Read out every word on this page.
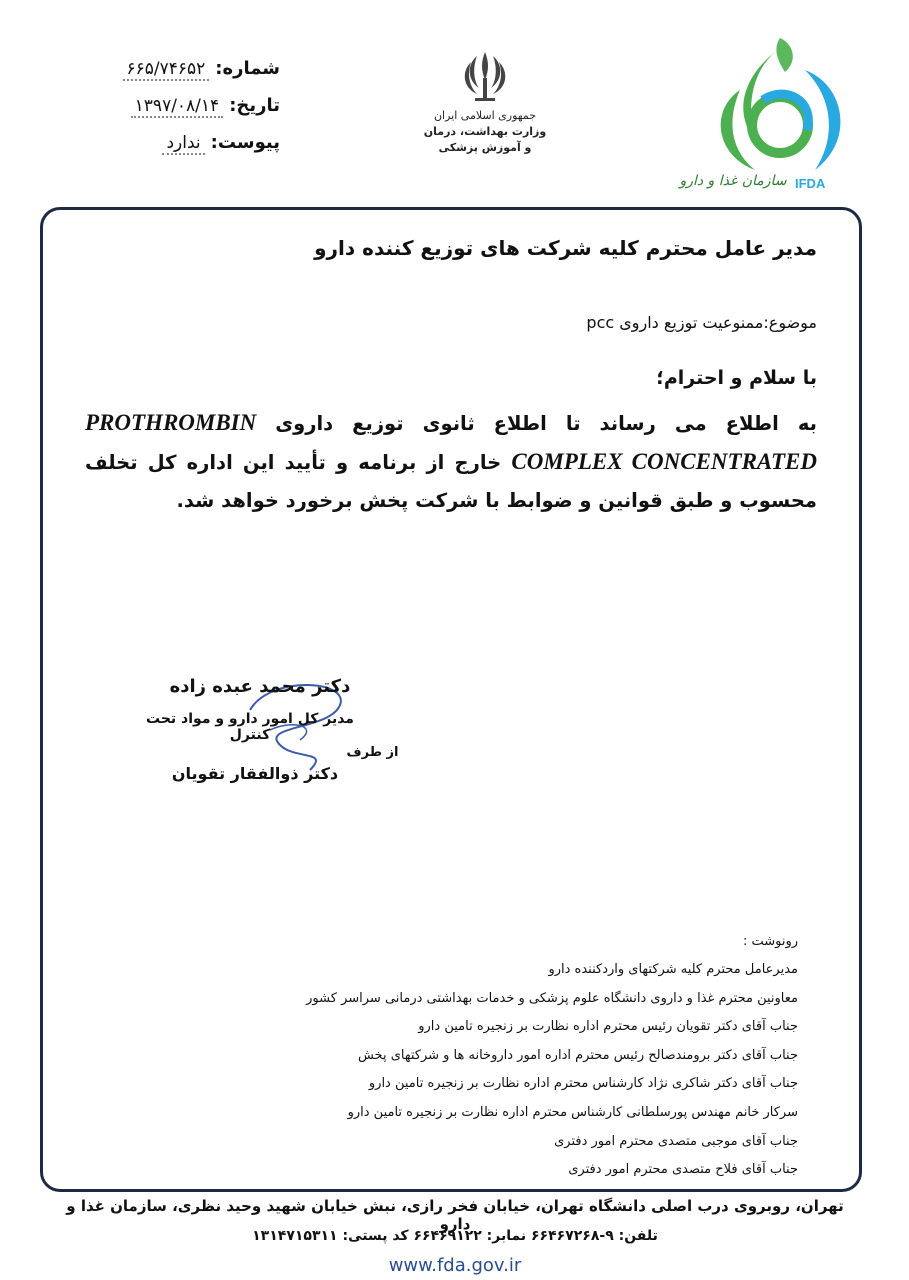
شماره:
۶۶۵/۷۴۶۵۲
تاریخ:
۱۳۹۷/۰۸/۱۴
پیوست:
ندارد
جمهوری اسلامی ایران
وزارت بهداشت، درمان
و آموزش پزشکی
IFDA
سازمان غذا و دارو
مدیر عامل محترم کلیه شرکت های توزیع کننده دارو
موضوع:ممنوعیت توزیع داروی pcc
با سلام و احترام؛
به اطلاع می رساند تا اطلاع ثانوی توزیع داروی PROTHROMBIN COMPLEX CONCENTRATED خارج از برنامه و تأیید این اداره کل تخلف محسوب و طبق قوانین و ضوابط با شرکت پخش برخورد خواهد شد.
دکتر محمد عبده زاده
مدیر کل امور دارو و مواد تحت کنترل
از طرف
دکتر ذوالفقار تقویان
رونوشت :
مدیرعامل محترم کلیه شرکتهای واردکننده دارو
معاونین محترم غذا و داروی دانشگاه علوم پزشکی و خدمات بهداشتی درمانی سراسر کشور
جناب آقای دکتر تقویان رئیس محترم اداره نظارت بر زنجیره تامین دارو
جناب آقای دکتر برومندصالح رئیس محترم اداره امور داروخانه ها و شرکتهای پخش
جناب آقای دکتر شاکری نژاد کارشناس محترم اداره نظارت بر زنجیره تامین دارو
سرکار خانم مهندس پورسلطانی کارشناس محترم اداره نظارت بر زنجیره تامین دارو
جناب آقای موجبی متصدی محترم امور دفتری
جناب آقای فلاح متصدی محترم امور دفتری
تهران، روبروی درب اصلی دانشگاه تهران، خیابان فخر رازی، نبش خیابان شهید وحید نظری، سازمان غذا و دارو
تلفن: ۹-۶۶۴۶۷۲۶۸ نمابر: ۶۶۴۶۹۱۲۲ کد پستی: ۱۳۱۴۷۱۵۳۱۱
www.fda.gov.ir
